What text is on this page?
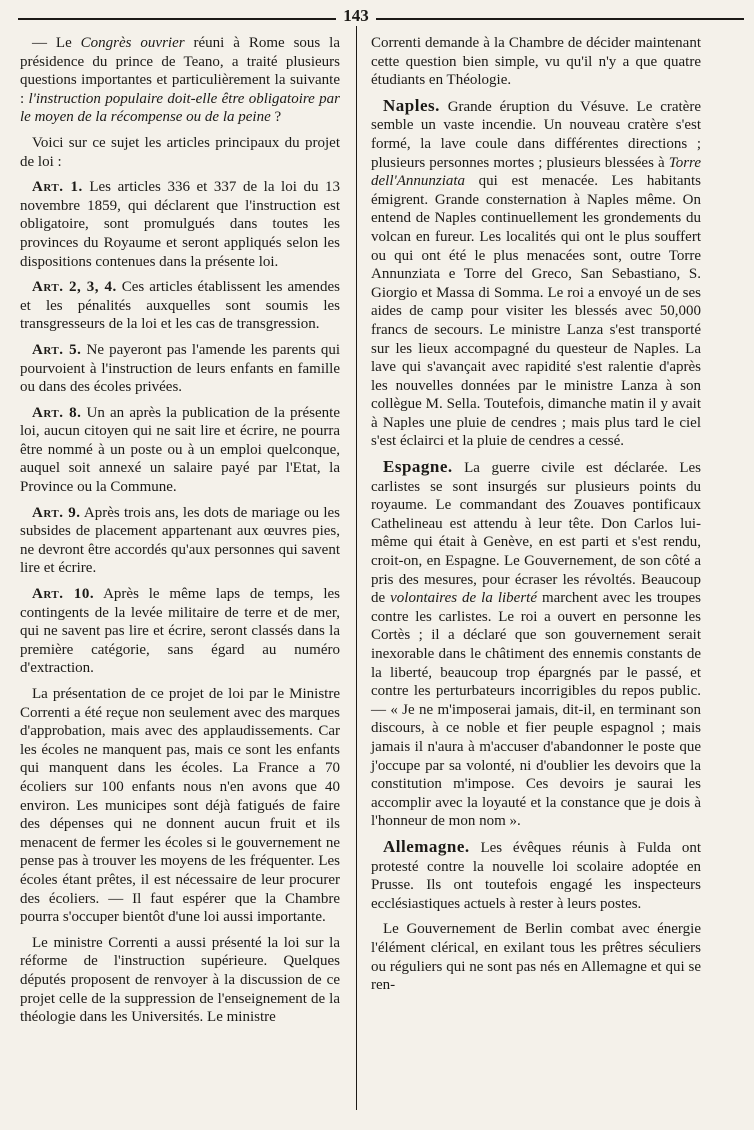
143

— Le Congrès ouvrier réuni à Rome sous la présidence du prince de Teano, a traité plusieurs questions importantes et particulièrement la suivante : l'instruction populaire doit-elle être obligatoire par le moyen de la récompense ou de la peine ?

Voici sur ce sujet les articles principaux du projet de loi :

Art. 1. Les articles 336 et 337 de la loi du 13 novembre 1859, qui déclarent que l'instruction est obligatoire, sont promulgués dans toutes les provinces du Royaume et seront appliqués selon les dispositions contenues dans la présente loi.

Art. 2, 3, 4. Ces articles établissent les amendes et les pénalités auxquelles sont soumis les transgresseurs de la loi et les cas de transgression.

Art. 5. Ne payeront pas l'amende les parents qui pourvoient à l'instruction de leurs enfants en famille ou dans des écoles privées.

Art. 8. Un an après la publication de la présente loi, aucun citoyen qui ne sait lire et écrire, ne pourra être nommé à un poste ou à un emploi quelconque, auquel soit annexé un salaire payé par l'Etat, la Province ou la Commune.

Art. 9. Après trois ans, les dots de mariage ou les subsides de placement appartenant aux œuvres pies, ne devront être accordés qu'aux personnes qui savent lire et écrire.

Art. 10. Après le même laps de temps, les contingents de la levée militaire de terre et de mer, qui ne savent pas lire et écrire, seront classés dans la première catégorie, sans égard au numéro d'extraction.

La présentation de ce projet de loi par le Ministre Correnti a été reçue non seulement avec des marques d'approbation, mais avec des applaudissements. Car les écoles ne manquent pas, mais ce sont les enfants qui manquent dans les écoles. La France a 70 écoliers sur 100 enfants nous n'en avons que 40 environ. Les municipes sont déjà fatigués de faire des dépenses qui ne donnent aucun fruit et ils menacent de fermer les écoles si le gouvernement ne pense pas à trouver les moyens de les fréquenter. Les écoles étant prêtes, il est nécessaire de leur procurer des écoliers. — Il faut espérer que la Chambre pourra s'occuper bientôt d'une loi aussi importante.

Le ministre Correnti a aussi présenté la loi sur la réforme de l'instruction supérieure. Quelques députés proposent de renvoyer à la discussion de ce projet celle de la suppression de l'enseignement de la théologie dans les Universités. Le ministre

Correnti demande à la Chambre de décider maintenant cette question bien simple, vu qu'il n'y a que quatre étudiants en Théologie.

Naples. Grande éruption du Vésuve. Le cratère semble un vaste incendie. Un nouveau cratère s'est formé, la lave coule dans différentes directions ; plusieurs personnes mortes ; plusieurs blessées à Torre dell'Annunziata qui est menacée. Les habitants émigrent. Grande consternation à Naples même. On entend de Naples continuellement les grondements du volcan en fureur. Les localités qui ont le plus souffert ou qui ont été le plus menacées sont, outre Torre Annunziata e Torre del Greco, San Sebastiano, S. Giorgio et Massa di Somma. Le roi a envoyé un de ses aides de camp pour visiter les blessés avec 50,000 francs de secours. Le ministre Lanza s'est transporté sur les lieux accompagné du questeur de Naples. La lave qui s'avançait avec rapidité s'est ralentie d'après les nouvelles données par le ministre Lanza à son collègue M. Sella. Toutefois, dimanche matin il y avait à Naples une pluie de cendres ; mais plus tard le ciel s'est éclairci et la pluie de cendres a cessé.

Espagne. La guerre civile est déclarée. Les carlistes se sont insurgés sur plusieurs points du royaume. Le commandant des Zouaves pontificaux Cathelineau est attendu à leur tête. Don Carlos lui-même qui était à Genève, en est parti et s'est rendu, croit-on, en Espagne. Le Gouvernement, de son côté a pris des mesures, pour écraser les révoltés. Beaucoup de volontaires de la liberté marchent avec les troupes contre les carlistes. Le roi a ouvert en personne les Cortès ; il a déclaré que son gouvernement serait inexorable dans le châtiment des ennemis constants de la liberté, beaucoup trop épargnés par le passé, et contre les perturbateurs incorrigibles du repos public. — « Je ne m'imposerai jamais, dit-il, en terminant son discours, à ce noble et fier peuple espagnol ; mais jamais il n'aura à m'accuser d'abandonner le poste que j'occupe par sa volonté, ni d'oublier les devoirs que la constitution m'impose. Ces devoirs je saurai les accomplir avec la loyauté et la constance que je dois à l'honneur de mon nom ».

Allemagne. Les évêques réunis à Fulda ont protesté contre la nouvelle loi scolaire adoptée en Prusse. Ils ont toutefois engagé les inspecteurs ecclésiastiques actuels à rester à leurs postes.

Le Gouvernement de Berlin combat avec énergie l'élément clérical, en exilant tous les prêtres séculiers ou réguliers qui ne sont pas nés en Allemagne et qui se ren-
